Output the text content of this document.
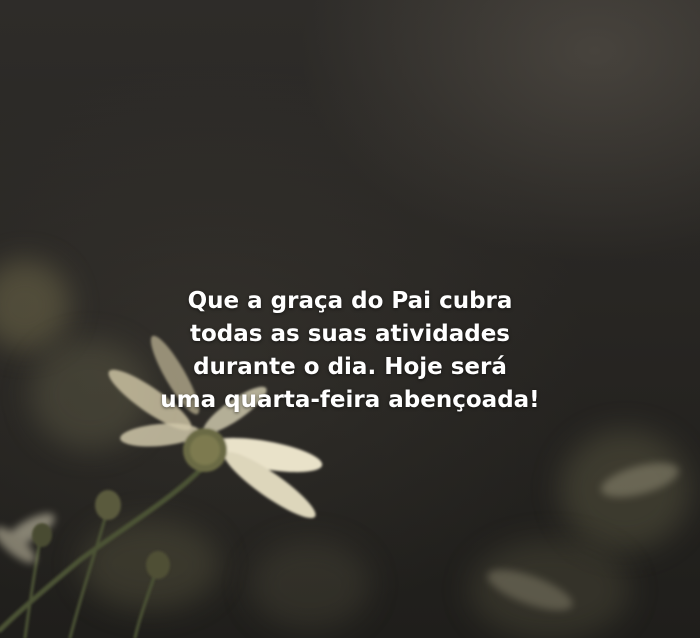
Que a graça do Pai cubra
todas as suas atividades
durante o dia. Hoje será
uma quarta-feira abençoada!
